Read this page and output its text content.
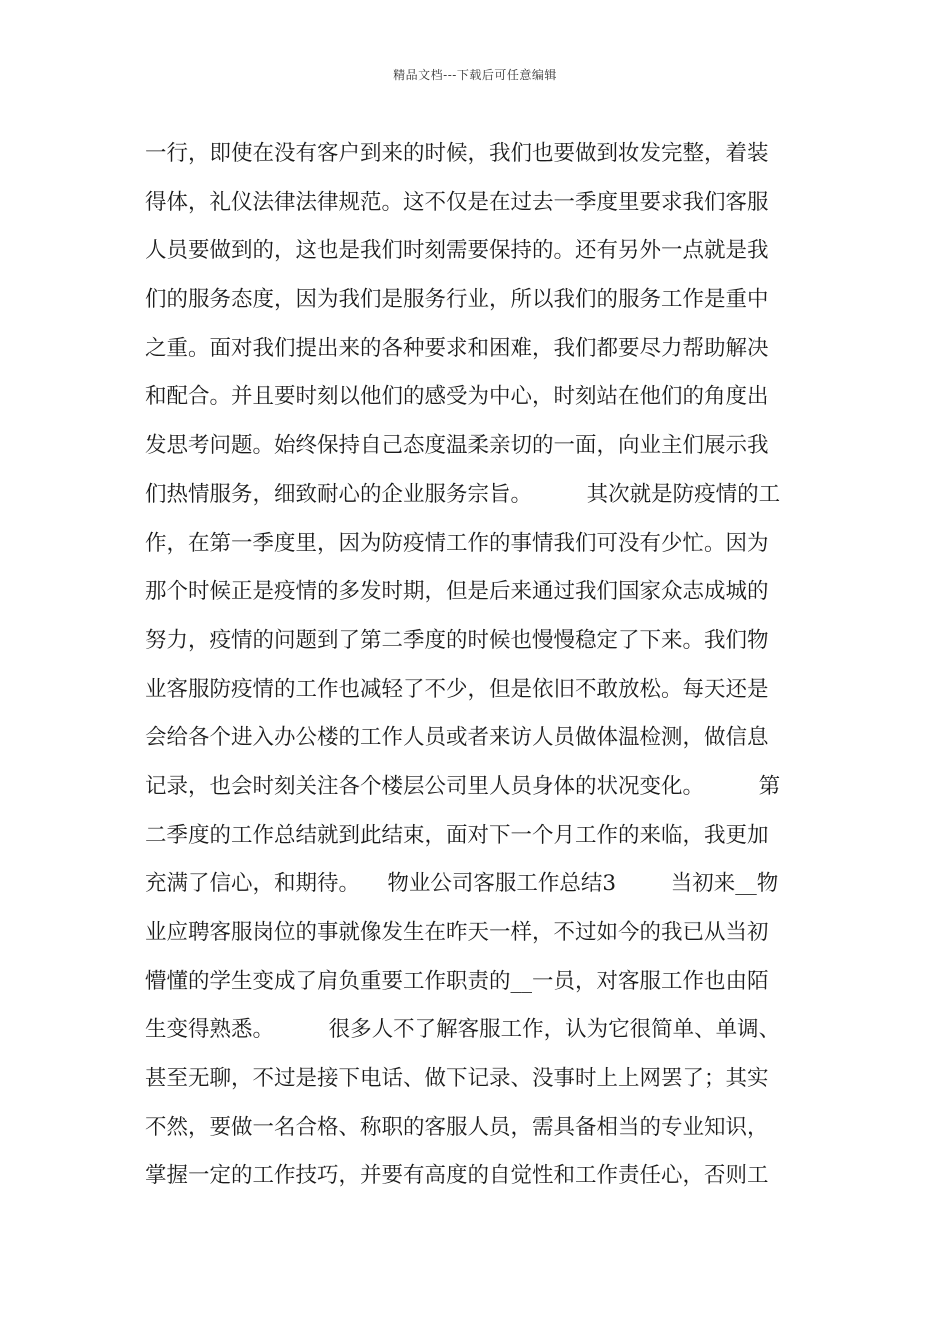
精品文档---下载后可任意编辑
一行，即使在没有客户到来的时候，我们也要做到妆发完整，着装
得体，礼仪法律法律规范。这不仅是在过去一季度里要求我们客服
人员要做到的，这也是我们时刻需要保持的。还有另外一点就是我
们的服务态度，因为我们是服务行业，所以我们的服务工作是重中
之重。面对我们提出来的各种要求和困难，我们都要尽力帮助解决
和配合。并且要时刻以他们的感受为中心，时刻站在他们的角度出
发思考问题。始终保持自己态度温柔亲切的一面，向业主们展示我
们热情服务，细致耐心的企业服务宗旨。        其次就是防疫情的工
作，在第一季度里，因为防疫情工作的事情我们可没有少忙。因为
那个时候正是疫情的多发时期，但是后来通过我们国家众志成城的
努力，疫情的问题到了第二季度的时候也慢慢稳定了下来。我们物
业客服防疫情的工作也减轻了不少，但是依旧不敢放松。每天还是
会给各个进入办公楼的工作人员或者来访人员做体温检测，做信息
记录，也会时刻关注各个楼层公司里人员身体的状况变化。        第
二季度的工作总结就到此结束，面对下一个月工作的来临，我更加
充满了信心，和期待。    物业公司客服工作总结3        当初来__物
业应聘客服岗位的事就像发生在昨天一样，不过如今的我已从当初
懵懂的学生变成了肩负重要工作职责的__一员，对客服工作也由陌
生变得熟悉。        很多人不了解客服工作，认为它很简单、单调、
甚至无聊，不过是接下电话、做下记录、没事时上上网罢了；其实
不然，要做一名合格、称职的客服人员，需具备相当的专业知识，
掌握一定的工作技巧，并要有高度的自觉性和工作责任心，否则工
